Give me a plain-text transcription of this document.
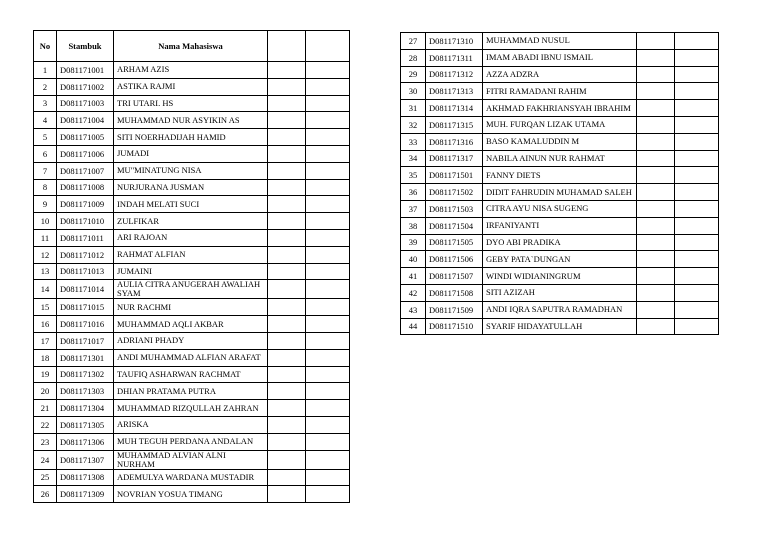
No	Stambuk	Nama Mahasiswa		
1	D081171001	ARHAM AZIS		
2	D081171002	ASTIKA RAJMI		
3	D081171003	TRI UTARI. HS		
4	D081171004	MUHAMMAD NUR ASYIKIN AS		
5	D081171005	SITI NOERHADIJAH HAMID		
6	D081171006	JUMADI		
7	D081171007	MU"MINATUNG NISA		
8	D081171008	NURJURANA JUSMAN		
9	D081171009	INDAH MELATI SUCI		
10	D081171010	ZULFIKAR		
11	D081171011	ARI RAJOAN		
12	D081171012	RAHMAT ALFIAN		
13	D081171013	JUMAINI		
14	D081171014	AULIA CITRA ANUGERAH AWALIAH SYAM		
15	D081171015	NUR RACHMI		
16	D081171016	MUHAMMAD AQLI AKBAR		
17	D081171017	ADRIANI PHADY		
18	D081171301	ANDI MUHAMMAD ALFIAN ARAFAT		
19	D081171302	TAUFIQ ASHARWAN RACHMAT		
20	D081171303	DHIAN PRATAMA PUTRA		
21	D081171304	MUHAMMAD RIZQULLAH ZAHRAN		
22	D081171305	ARISKA		
23	D081171306	MUH TEGUH PERDANA ANDALAN		
24	D081171307	MUHAMMAD ALVIAN ALNI NURHAM		
25	D081171308	ADEMULYA WARDANA MUSTADIR		
26	D081171309	NOVRIAN YOSUA TIMANG		
27	D081171310	MUHAMMAD NUSUL		
28	D081171311	IMAM ABADI IBNU ISMAIL		
29	D081171312	AZZA ADZRA		
30	D081171313	FITRI RAMADANI RAHIM		
31	D081171314	AKHMAD FAKHRIANSYAH IBRAHIM		
32	D081171315	MUH. FURQAN LIZAK UTAMA		
33	D081171316	BASO KAMALUDDIN M		
34	D081171317	NABILA AINUN NUR RAHMAT		
35	D081171501	FANNY DIETS		
36	D081171502	DIDIT FAHRUDIN MUHAMAD SALEH		
37	D081171503	CITRA AYU NISA SUGENG		
38	D081171504	IRFANIYANTI		
39	D081171505	DYO ABI PRADIKA		
40	D081171506	GEBY PATA`DUNGAN		
41	D081171507	WINDI WIDIANINGRUM		
42	D081171508	SITI AZIZAH		
43	D081171509	ANDI IQRA SAPUTRA RAMADHAN		
44	D081171510	SYARIF HIDAYATULLAH		
